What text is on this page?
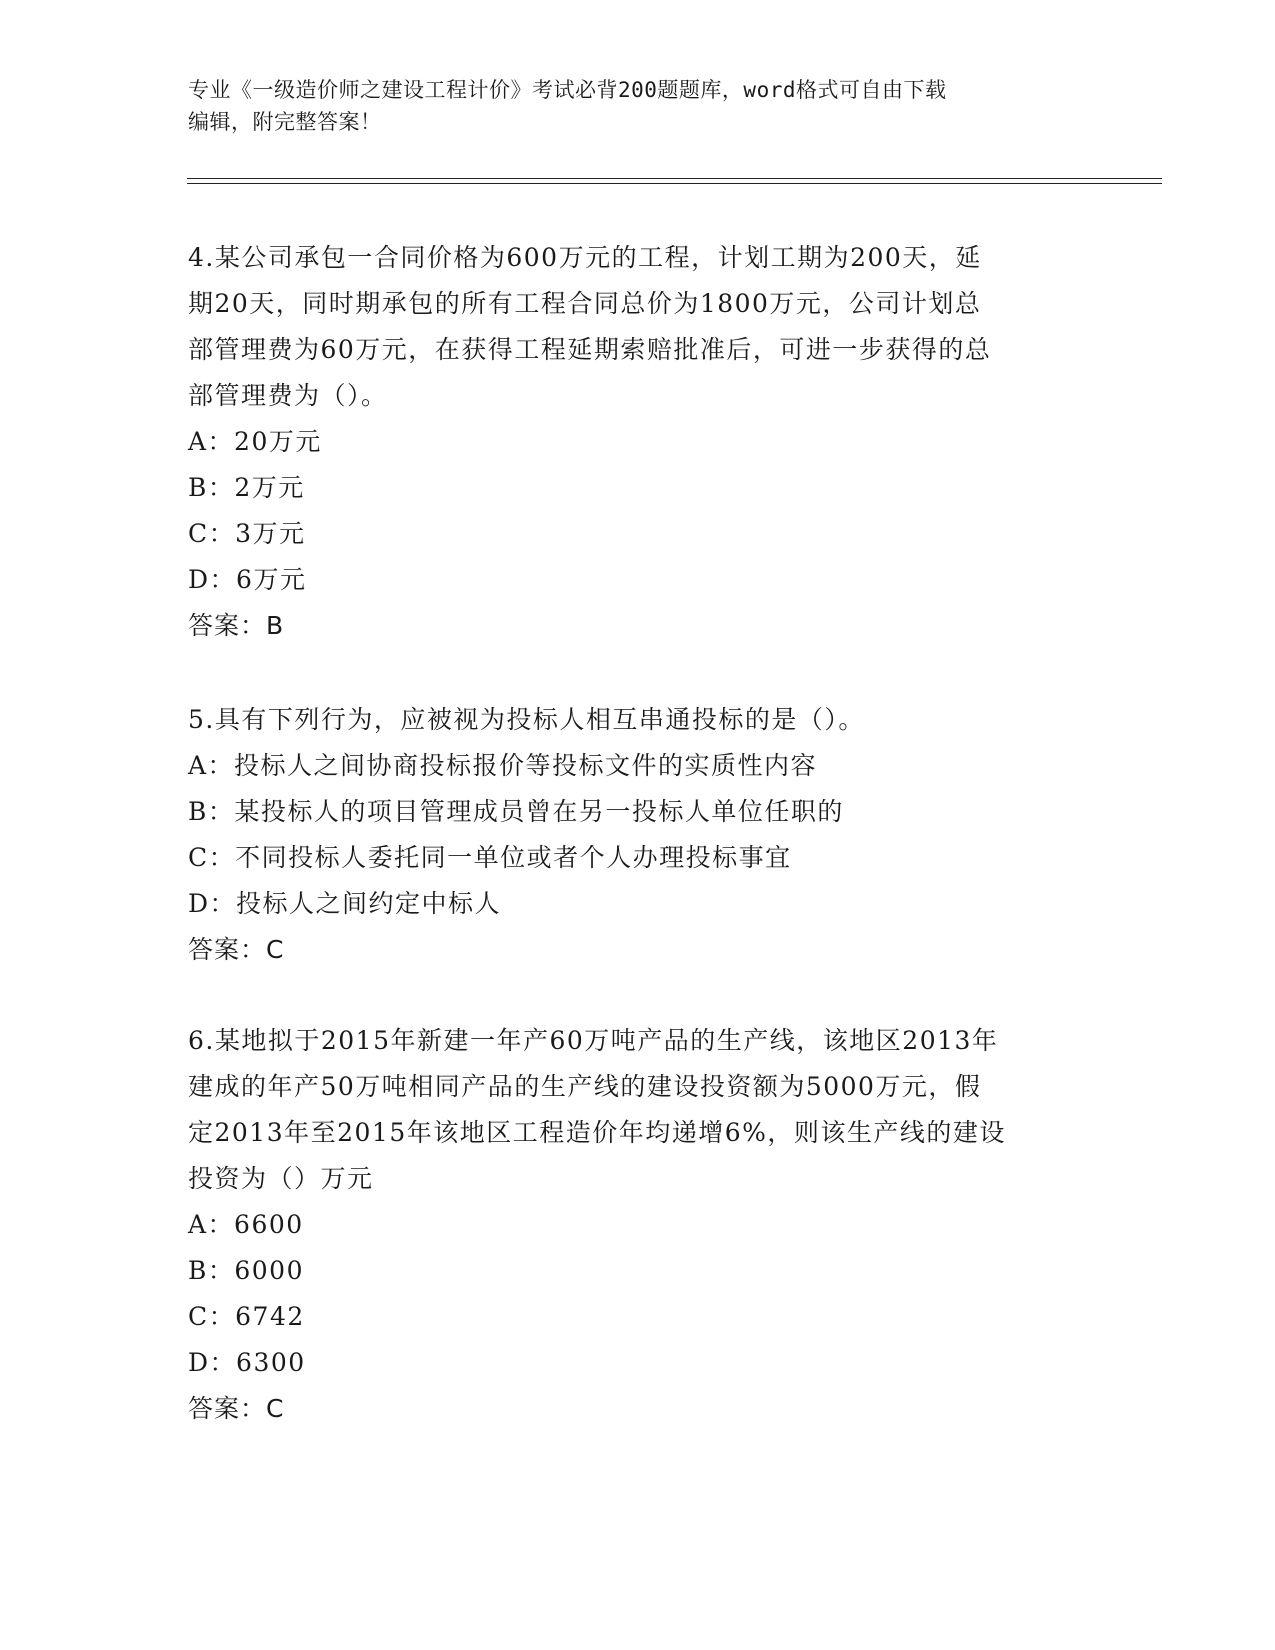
专业《一级造价师之建设工程计价》考试必背200题题库，word格式可自由下载
编辑，附完整答案！
4.某公司承包一合同价格为600万元的工程，计划工期为200天，延
期20天，同时期承包的所有工程合同总价为1800万元，公司计划总
部管理费为60万元，在获得工程延期索赔批准后，可进一步获得的总
部管理费为（）。
A：20万元
B：2万元
C：3万元
D：6万元
答案：B
5.具有下列行为，应被视为投标人相互串通投标的是（）。
A：投标人之间协商投标报价等投标文件的实质性内容
B：某投标人的项目管理成员曾在另一投标人单位任职的
C：不同投标人委托同一单位或者个人办理投标事宜
D：投标人之间约定中标人
答案：C
6.某地拟于2015年新建一年产60万吨产品的生产线，该地区2013年
建成的年产50万吨相同产品的生产线的建设投资额为5000万元，假
定2013年至2015年该地区工程造价年均递增6%，则该生产线的建设
投资为（）万元
A：6600
B：6000
C：6742
D：6300
答案：C
